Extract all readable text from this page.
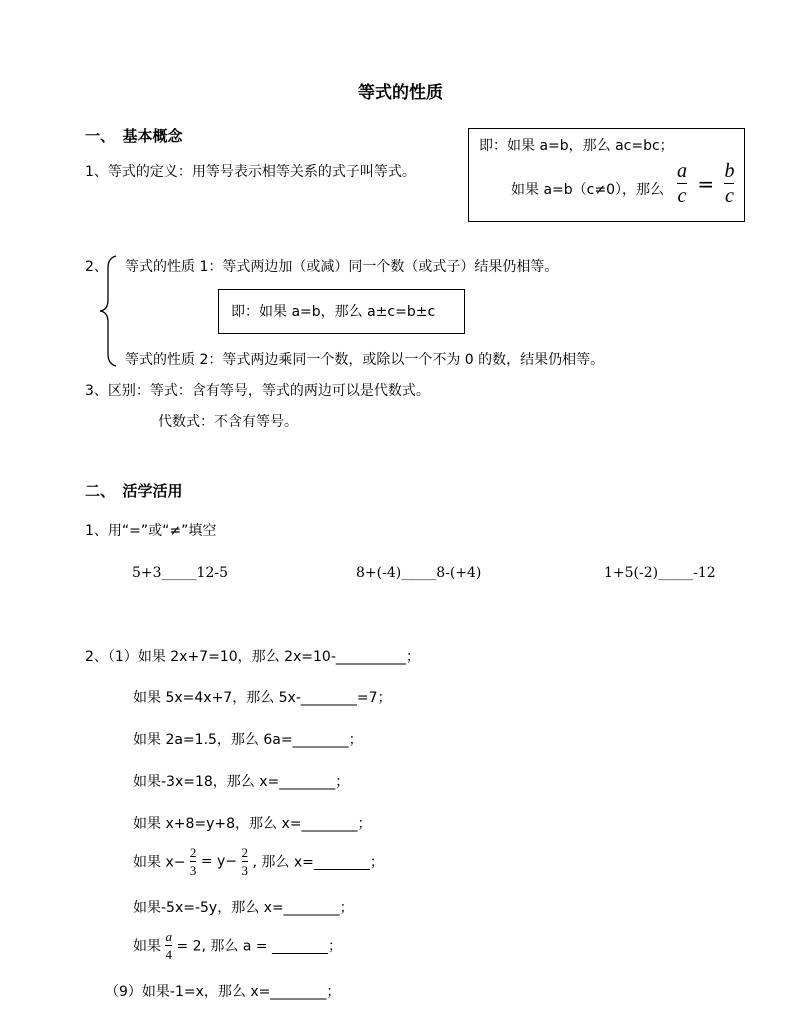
等式的性质
一、　基本概念
1、等式的定义：用等号表示相等关系的式子叫等式。
即：如果 a=b，那么 ac=bc；
如果 a=b（c≠0），那么 $\frac{a}{c} = \frac{b}{c}$
2、 等式的性质 1：等式两边加（或减）同一个数（或式子）结果仍相等。
即：如果 a=b，那么 a±c=b±c
等式的性质 2：等式两边乘同一个数，或除以一个不为 0 的数，结果仍相等。
3、区别：等式：含有等号，等式的两边可以是代数式。
代数式：不含有等号。
二、　活学活用
1、用“=”或“≠”填空
5+3_____12-5	8+(-4)_____8-(+4)	1+5(-2)_____-12
2、（1）如果 2x+7=10，那么 2x=10-__________；
如果 5x=4x+7，那么 5x-________=7；
如果 2a=1.5，那么 6a=________；
如果-3x=18，那么 x=________；
如果 x+8=y+8，那么 x=________；
如果 $x- \frac{2}{3} = y- \frac{2}{3}$ , 那么 x=________；
如果-5x=-5y，那么 x=________；
如果 $\frac{a}{4} = 2$, 那么 a = ________；
（9）如果-1=x，那么 x=________；
